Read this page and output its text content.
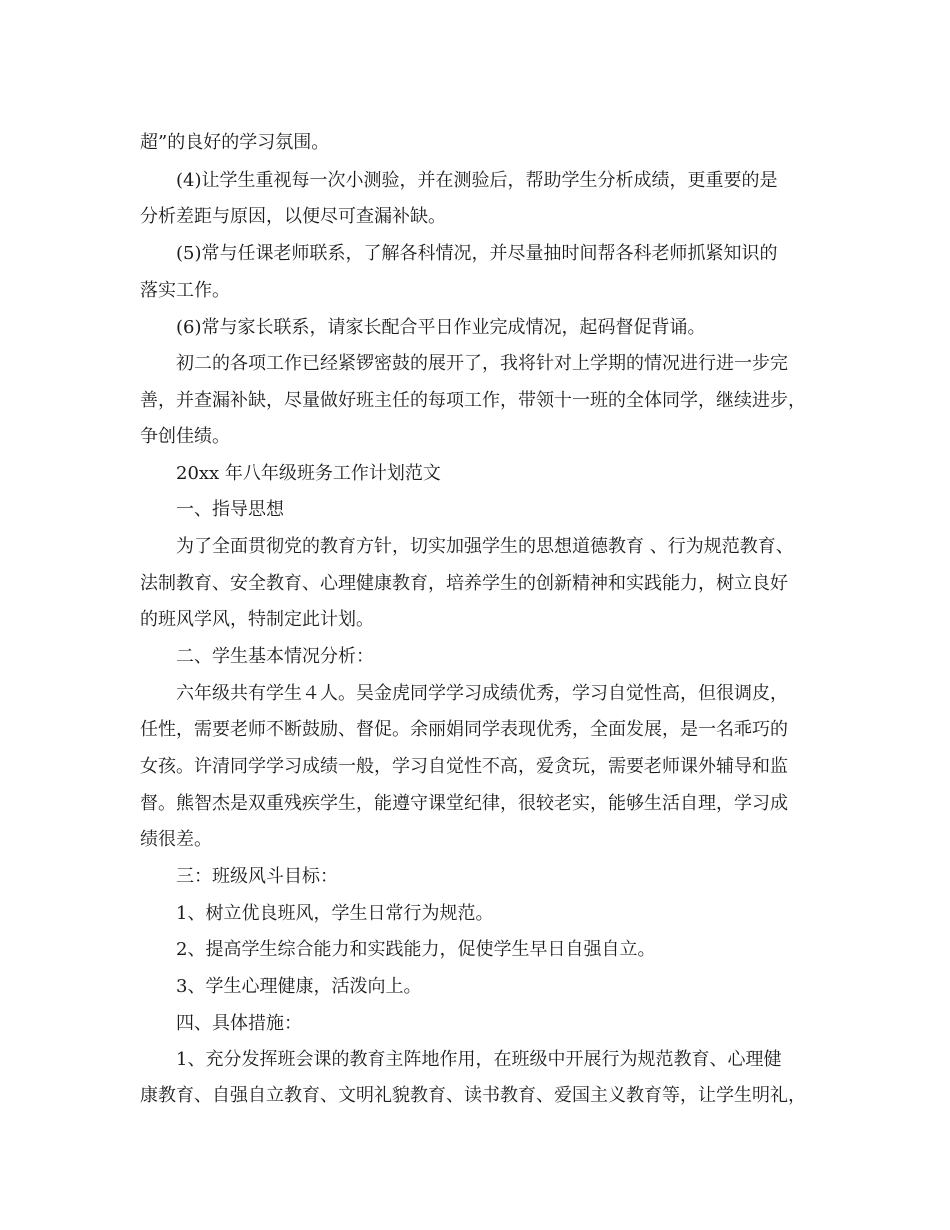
超”的良好的学习氛围。
(4)让学生重视每一次小测验，并在测验后，帮助学生分析成绩，更重要的是
分析差距与原因，以便尽可查漏补缺。
(5)常与任课老师联系，了解各科情况，并尽量抽时间帮各科老师抓紧知识的
落实工作。
(6)常与家长联系，请家长配合平日作业完成情况，起码督促背诵。
初二的各项工作已经紧锣密鼓的展开了，我将针对上学期的情况进行进一步完
善，并查漏补缺，尽量做好班主任的每项工作，带领十一班的全体同学，继续进步，
争创佳绩。
20xx 年八年级班务工作计划范文
一、指导思想
为了全面贯彻党的教育方针，切实加强学生的思想道德教育 、行为规范教育、
法制教育、安全教育、心理健康教育，培养学生的创新精神和实践能力，树立良好
的班风学风，特制定此计划。
二、学生基本情况分析：
六年级共有学生４人。吴金虎同学学习成绩优秀，学习自觉性高，但很调皮，
任性，需要老师不断鼓励、督促。余丽娟同学表现优秀，全面发展，是一名乖巧的
女孩。许清同学学习成绩一般，学习自觉性不高，爱贪玩，需要老师课外辅导和监
督。熊智杰是双重残疾学生，能遵守课堂纪律，很较老实，能够生活自理，学习成
绩很差。
三：班级风斗目标：
1、树立优良班风，学生日常行为规范。
2、提高学生综合能力和实践能力，促使学生早日自强自立。
3、学生心理健康，活泼向上。
四、具体措施：
1、充分发挥班会课的教育主阵地作用，在班级中开展行为规范教育、心理健
康教育、自强自立教育、文明礼貌教育、读书教育、爱国主义教育等，让学生明礼，
